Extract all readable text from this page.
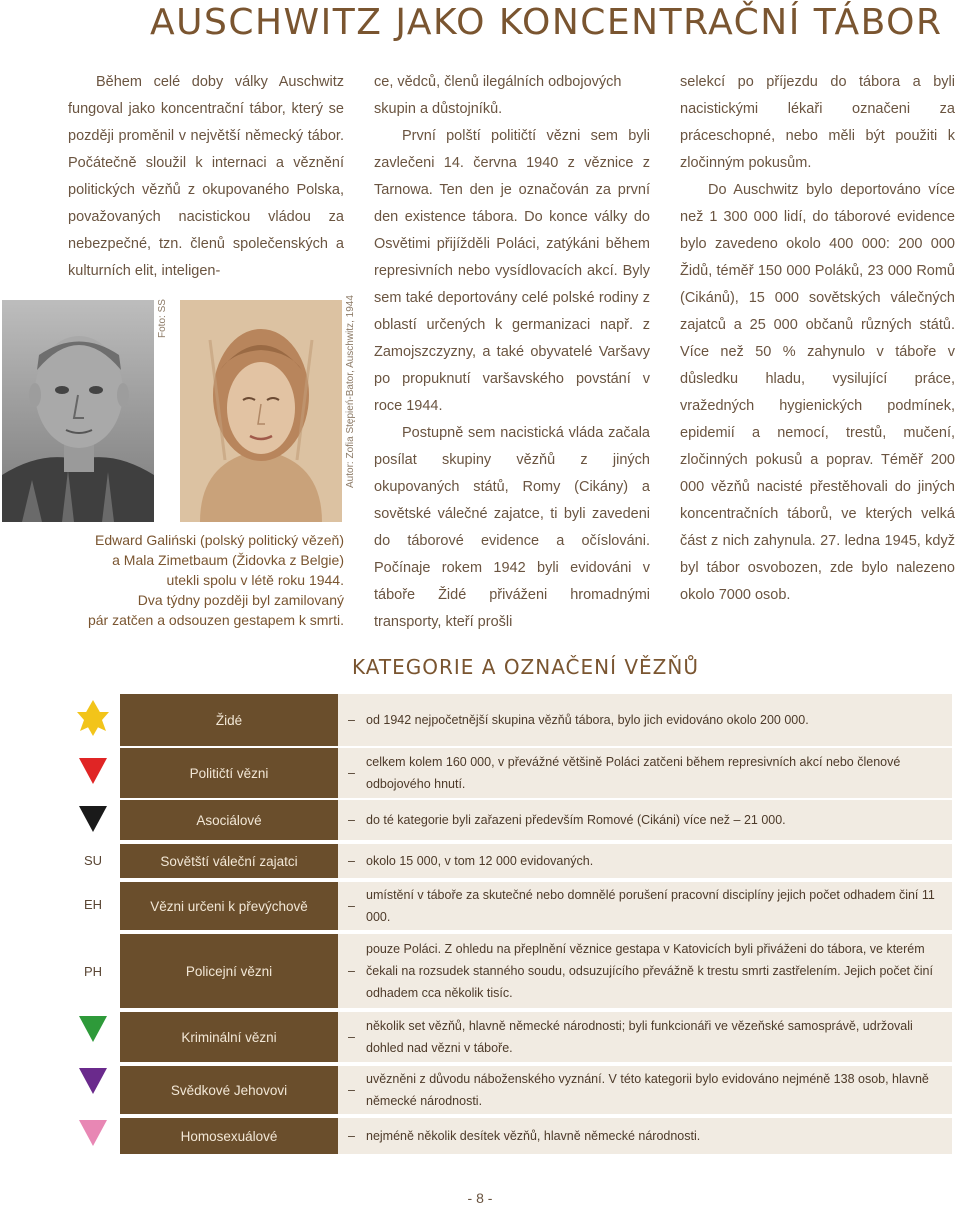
AUSCHWITZ JAKO KONCENTRAČNÍ TÁBOR

Během celé doby války Auschwitz fungoval jako koncentrační tábor, který se později proměnil v největší německý tábor. Počátečně sloužil k internaci a věznění politických vězňů z okupovaného Polska, považovaných nacistickou vládou za nebezpečné, tzn. členů společenských a kulturních elit, inteligen-

Foto: SS	Autor: Zofia Stępień-Bator, Auschwitz, 1944
Edward Galiński (polský politický vězeň)
a Mala Zimetbaum (Židovka z Belgie)
utekli spolu v létě roku 1944.
Dva týdny později byl zamilovaný
pár zatčen a odsouzen gestapem k smrti.

ce, vědců, členů ilegálních odbojových skupin a důstojníků.

První polští političtí vězni sem byli zavlečeni 14. června 1940 z věznice z Tarnowa. Ten den je označován za první den existence tábora. Do konce války do Osvětimi přijížděli Poláci, zatýkáni během represivních nebo vysídlovacích akcí. Byly sem také deportovány celé polské rodiny z oblastí určených k germanizaci např. z Zamojszczyzny, a také obyvatelé Varšavy po propuknutí varšavského povstání v roce 1944.

Postupně sem nacistická vláda začala posílat skupiny vězňů z jiných okupovaných států, Romy (Cikány) a sovětské válečné zajatce, ti byli zavedeni do táborové evidence a očíslováni. Počínaje rokem 1942 byli evidováni v táboře Židé přiváženi hromadnými transporty, kteří prošli

selekcí po příjezdu do tábora a byli nacistickými lékaři označeni za práceschopné, nebo měli být použiti k zločinným pokusům.

Do Auschwitz bylo deportováno více než 1 300 000 lidí, do táborové evidence bylo zavedeno okolo 400 000: 200 000 Židů, téměř 150 000 Poláků, 23 000 Romů (Cikánů), 15 000 sovětských válečných zajatců a 25 000 občanů různých států. Více než 50 % zahynulo v táboře v důsledku hladu, vysilující práce, vražedných hygienických podmínek, epidemií a nemocí, trestů, mučení, zločinných pokusů a poprav. Téměř 200 000 vězňů nacisté přestěhovali do jiných koncentračních táborů, ve kterých velká část z nich zahynula. 27. ledna 1945, když byl tábor osvobozen, zde bylo nalezeno okolo 7000 osob.

KATEGORIE A OZNAČENÍ VĚZŇŮ
Židé	– od 1942 nejpočetnější skupina vězňů tábora, bylo jich evidováno okolo 200 000.
Političtí vězni	–
celkem kolem 160 000, v převážné většině Poláci zatčeni během represivních akcí nebo členové odbojového hnutí.
Asociálové	– do té kategorie byli zařazeni především Romové (Cikáni) více než – 21 000.
SU	Sovětští váleční zajatci	– okolo 15 000, v tom 12 000 evidovaných.
EH	Vězni určeni k převýchově	–
umístění v táboře za skutečné nebo domnělé porušení pracovní disciplíny jejich počet odhadem činí 11 000.
PH	Policejní vězni	–
pouze Poláci. Z ohledu na přeplnění věznice gestapa v Katovicích byli přiváženi do tábora, ve kterém čekali na rozsudek stanného soudu, odsuzujícího převážně k trestu smrti zastřelením. Jejich počet činí odhadem cca několik tisíc.
Kriminální vězni	–
několik set vězňů, hlavně německé národnosti; byli funkcionáři ve vězeňské samosprávě, udržovali dohled nad vězni v táboře.
Svědkové Jehovovi	–
uvězněni z důvodu náboženského vyznání. V této kategorii bylo evidováno nejméně 138 osob, hlavně německé národnosti.
Homosexuálové	– nejméně několik desítek vězňů, hlavně německé národnosti.
- 8 -
